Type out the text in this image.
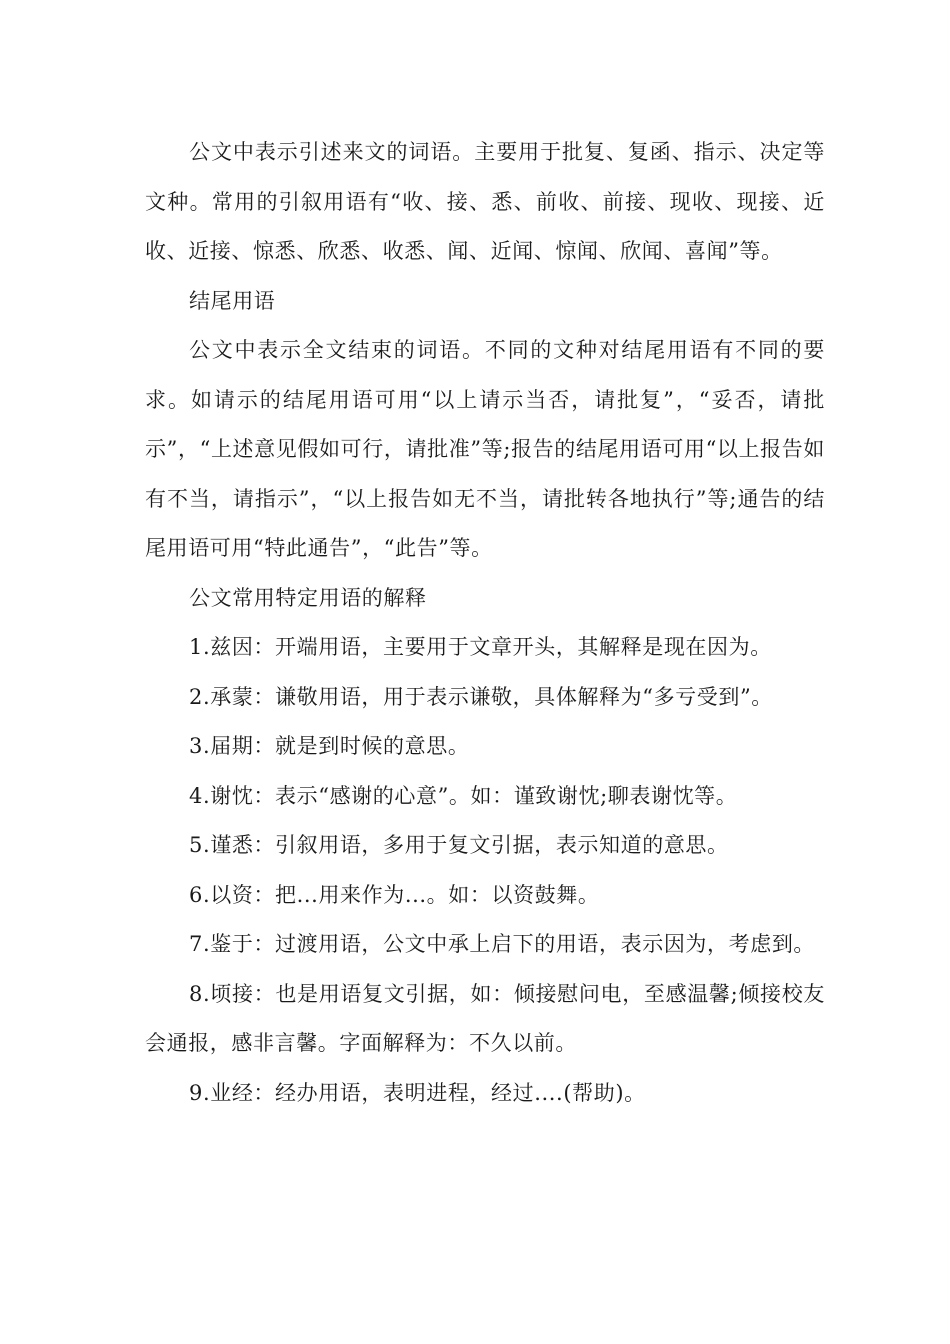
公文中表示引述来文的词语。主要用于批复、复函、指示、决定等文种。常用的引叙用语有“收、接、悉、前收、前接、现收、现接、近收、近接、惊悉、欣悉、收悉、闻、近闻、惊闻、欣闻、喜闻”等。

结尾用语

公文中表示全文结束的词语。不同的文种对结尾用语有不同的要求。如请示的结尾用语可用“以上请示当否，请批复”，“妥否，请批示”，“上述意见假如可行，请批准”等;报告的结尾用语可用“以上报告如有不当，请指示”，“以上报告如无不当，请批转各地执行”等;通告的结尾用语可用“特此通告”，“此告”等。

公文常用特定用语的解释

1.兹因：开端用语，主要用于文章开头，其解释是现在因为。

2.承蒙：谦敬用语，用于表示谦敬，具体解释为“多亏受到”。

3.届期：就是到时候的意思。

4.谢忱：表示“感谢的心意”。如：谨致谢忱;聊表谢忱等。

5.谨悉：引叙用语，多用于复文引据，表示知道的意思。

6.以资：把...用来作为...。如：以资鼓舞。

7.鉴于：过渡用语，公文中承上启下的用语，表示因为，考虑到。

8.顷接：也是用语复文引据，如：倾接慰问电，至感温馨;倾接校友会通报，感非言馨。字面解释为：不久以前。

9.业经：经办用语，表明进程，经过....(帮助)。
